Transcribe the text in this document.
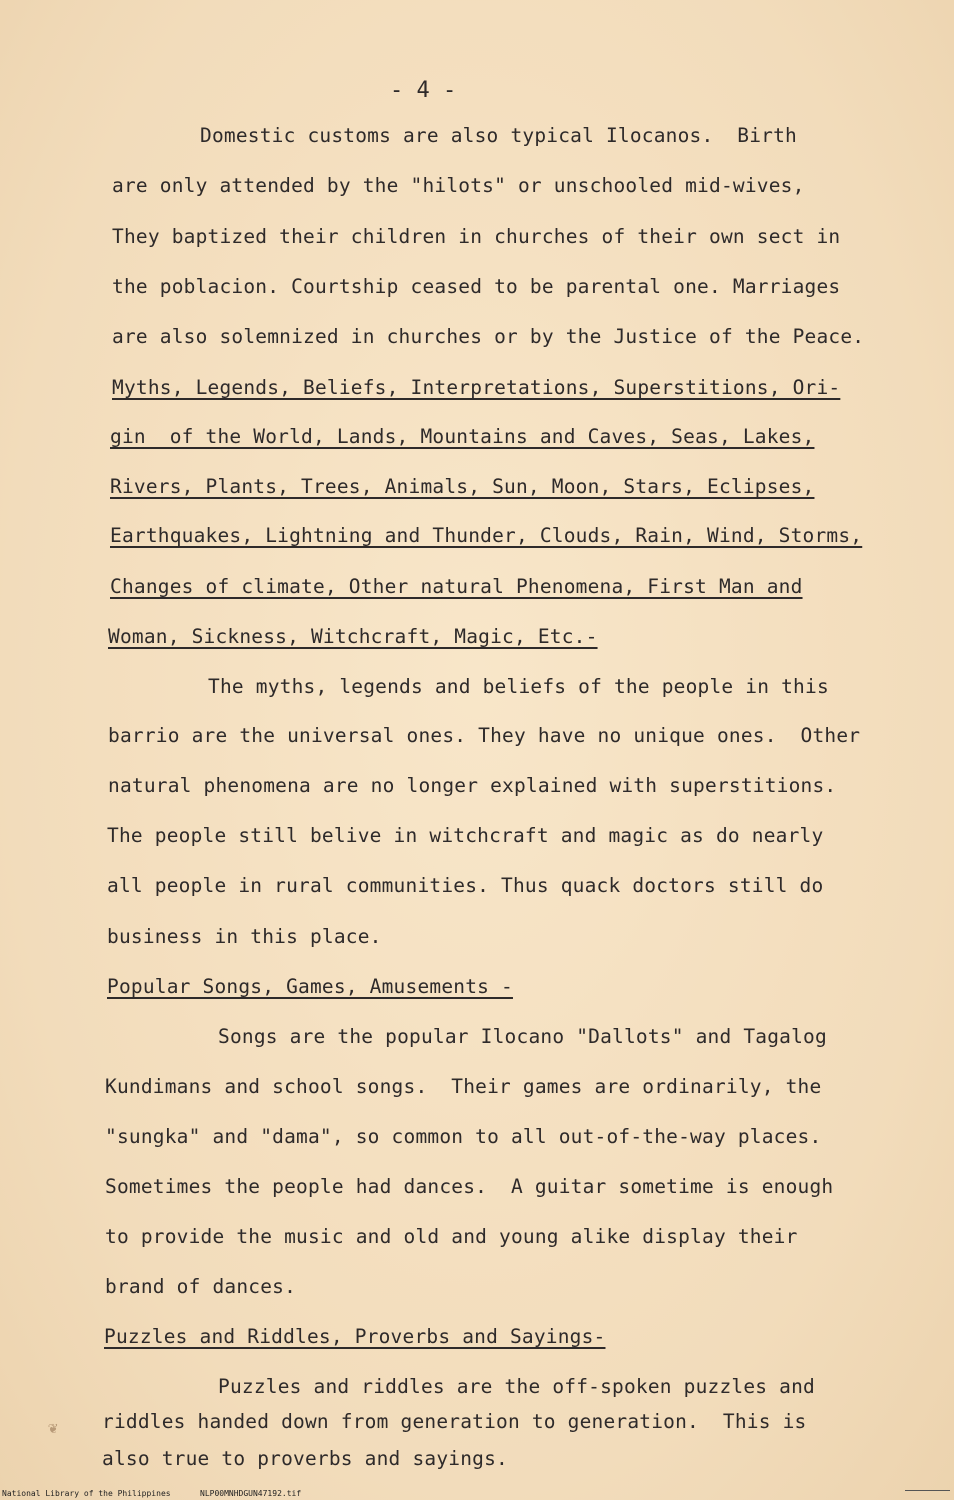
- 4 -
Domestic customs are also typical Ilocanos.  Birth
are only attended by the "hilots" or unschooled mid-wives,
They baptized their children in churches of their own sect in
the poblacion. Courtship ceased to be parental one. Marriages
are also solemnized in churches or by the Justice of the Peace.
Myths, Legends, Beliefs, Interpretations, Superstitions, Ori-
gin  of the World, Lands, Mountains and Caves, Seas, Lakes,
Rivers, Plants, Trees, Animals, Sun, Moon, Stars, Eclipses,
Earthquakes, Lightning and Thunder, Clouds, Rain, Wind, Storms,
Changes of climate, Other natural Phenomena, First Man and
Woman, Sickness, Witchcraft, Magic, Etc.-
The myths, legends and beliefs of the people in this
barrio are the universal ones. They have no unique ones.  Other
natural phenomena are no longer explained with superstitions.
The people still belive in witchcraft and magic as do nearly
all people in rural communities. Thus quack doctors still do
business in this place.
Popular Songs, Games, Amusements -
Songs are the popular Ilocano "Dallots" and Tagalog
Kundimans and school songs.  Their games are ordinarily, the
"sungka" and "dama", so common to all out-of-the-way places.
Sometimes the people had dances.  A guitar sometime is enough
to provide the music and old and young alike display their
brand of dances.
Puzzles and Riddles, Proverbs and Sayings-
Puzzles and riddles are the off-spoken puzzles and
riddles handed down from generation to generation.  This is
also true to proverbs and sayings.
❦
National Library of the Philippines	NLP00MNHDGUN47192.tif
